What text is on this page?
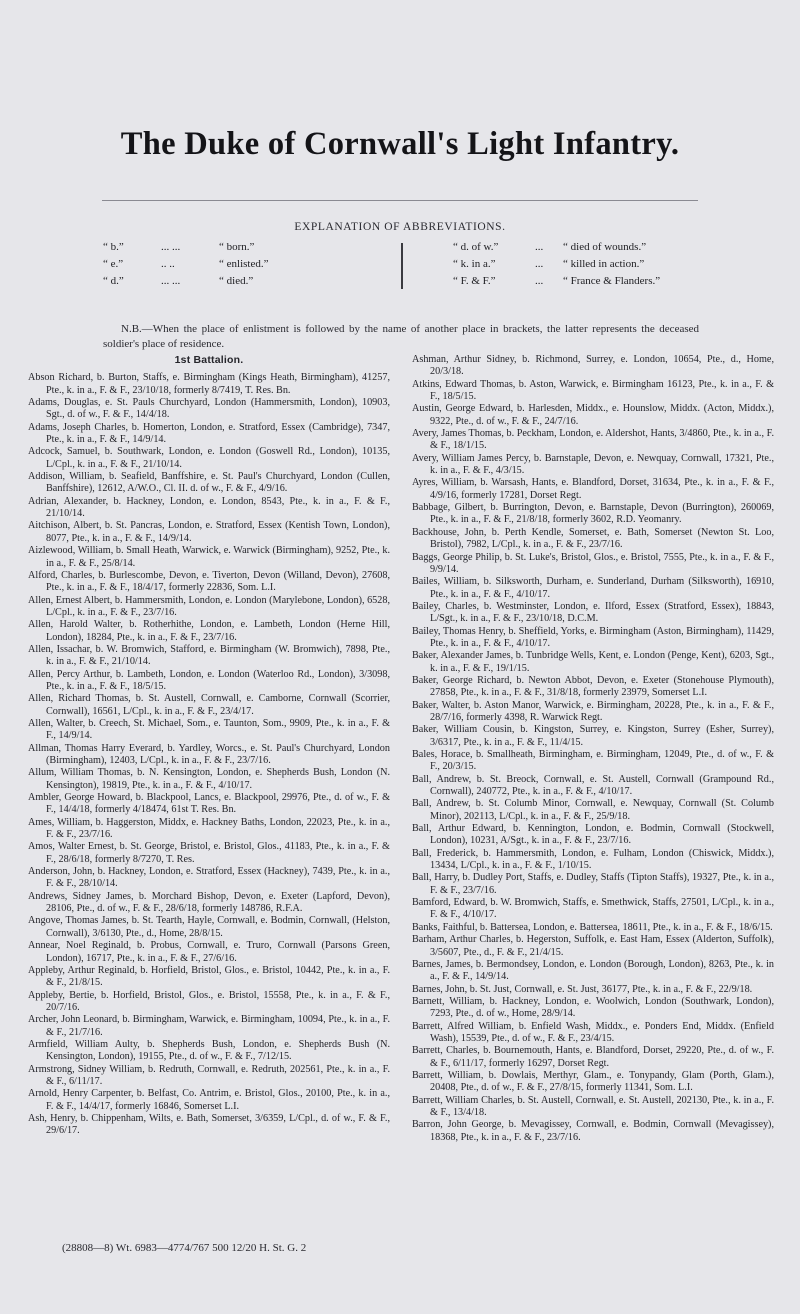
The Duke of Cornwall's Light Infantry.
EXPLANATION OF ABBREVIATIONS.
“ b.”	... ...	“ born.”
“ e.”	.. ..	“ enlisted.”
“ d.”	... ...	“ died.”
“ d. of w.”	... “ died of wounds.”
“ k. in a.”	... “ killed in action.”
“ F. & F.”	... “ France & Flanders.”
N.B.—When the place of enlistment is followed by the name of another place in brackets, the latter represents the deceased soldier's place of residence.
1st Battalion.
Abson Richard, b. Burton, Staffs, e. Birmingham (Kings Heath, Birmingham), 41257, Pte., k. in a., F. & F., 23/10/18, formerly 8/7419, T. Res. Bn.
Adams, Douglas, e. St. Pauls Churchyard, London (Hammersmith, London), 10903, Sgt., d. of w., F. & F., 14/4/18.
Adams, Joseph Charles, b. Homerton, London, e. Stratford, Essex (Cambridge), 7347, Pte., k. in a., F. & F., 14/9/14.
Adcock, Samuel, b. Southwark, London, e. London (Goswell Rd., London), 10135, L/Cpl., k. in a., F. & F., 21/10/14.
Addison, William, b. Seafield, Banffshire, e. St. Paul's Churchyard, London (Cullen, Banffshire), 12612, A/W.O., Cl. II. d. of w., F. & F., 4/9/16.
Adrian, Alexander, b. Hackney, London, e. London, 8543, Pte., k. in a., F. & F., 21/10/14.
Aitchison, Albert, b. St. Pancras, London, e. Stratford, Essex (Kentish Town, London), 8077, Pte., k. in a., F. & F., 14/9/14.
Aizlewood, William, b. Small Heath, Warwick, e. Warwick (Birmingham), 9252, Pte., k. in a., F. & F., 25/8/14.
Alford, Charles, b. Burlescombe, Devon, e. Tiverton, Devon (Willand, Devon), 27608, Pte., k. in a., F. & F., 18/4/17, formerly 22836, Som. L.I.
Allen, Ernest Albert, b. Hammersmith, London, e. London (Marylebone, London), 6528, L/Cpl., k. in a., F. & F., 23/7/16.
Allen, Harold Walter, b. Rotherhithe, London, e. Lambeth, London (Herne Hill, London), 18284, Pte., k. in a., F. & F., 23/7/16.
Allen, Issachar, b. W. Bromwich, Stafford, e. Birmingham (W. Bromwich), 7898, Pte., k. in a., F. & F., 21/10/14.
Allen, Percy Arthur, b. Lambeth, London, e. London (Waterloo Rd., London), 3/3098, Pte., k. in a., F. & F., 18/5/15.
Allen, Richard Thomas, b. St. Austell, Cornwall, e. Camborne, Cornwall (Scorrier, Cornwall), 16561, L/Cpl., k. in a., F. & F., 23/4/17.
Allen, Walter, b. Creech, St. Michael, Som., e. Taunton, Som., 9909, Pte., k. in a., F. & F., 14/9/14.
Allman, Thomas Harry Everard, b. Yardley, Worcs., e. St. Paul's Churchyard, London (Birmingham), 12403, L/Cpl., k. in a., F. & F., 23/7/16.
Allum, William Thomas, b. N. Kensington, London, e. Shepherds Bush, London (N. Kensington), 19819, Pte., k. in a., F. & F., 4/10/17.
Ambler, George Howard, b. Blackpool, Lancs, e. Blackpool, 29976, Pte., d. of w., F. & F., 14/4/18, formerly 4/18474, 61st T. Res. Bn.
Ames, William, b. Haggerston, Middx, e. Hackney Baths, London, 22023, Pte., k. in a., F. & F., 23/7/16.
Amos, Walter Ernest, b. St. George, Bristol, e. Bristol, Glos., 41183, Pte., k. in a., F. & F., 28/6/18, formerly 8/7270, T. Res.
Anderson, John, b. Hackney, London, e. Stratford, Essex (Hackney), 7439, Pte., k. in a., F. & F., 28/10/14.
Andrews, Sidney James, b. Morchard Bishop, Devon, e. Exeter (Lapford, Devon), 28106, Pte., d. of w., F. & F., 28/6/18, formerly 148786, R.F.A.
Angove, Thomas James, b. St. Tearth, Hayle, Cornwall, e. Bodmin, Cornwall, (Helston, Cornwall), 3/6130, Pte., d., Home, 28/8/15.
Annear, Noel Reginald, b. Probus, Cornwall, e. Truro, Cornwall (Parsons Green, London), 16717, Pte., k. in a., F. & F., 27/6/16.
Appleby, Arthur Reginald, b. Horfield, Bristol, Glos., e. Bristol, 10442, Pte., k. in a., F. & F., 21/8/15.
Appleby, Bertie, b. Horfield, Bristol, Glos., e. Bristol, 15558, Pte., k. in a., F. & F., 20/7/16.
Archer, John Leonard, b. Birmingham, Warwick, e. Birmingham, 10094, Pte., k. in a., F. & F., 21/7/16.
Armfield, William Aulty, b. Shepherds Bush, London, e. Shepherds Bush (N. Kensington, London), 19155, Pte., d. of w., F. & F., 7/12/15.
Armstrong, Sidney William, b. Redruth, Cornwall, e. Redruth, 202561, Pte., k. in a., F. & F., 6/11/17.
Arnold, Henry Carpenter, b. Belfast, Co. Antrim, e. Bristol, Glos., 20100, Pte., k. in a., F. & F., 14/4/17, formerly 16846, Somerset L.I.
Ash, Henry, b. Chippenham, Wilts, e. Bath, Somerset, 3/6359, L/Cpl., d. of w., F. & F., 29/6/17.
Ashman, Arthur Sidney, b. Richmond, Surrey, e. London, 10654, Pte., d., Home, 20/3/18.
Atkins, Edward Thomas, b. Aston, Warwick, e. Birmingham 16123, Pte., k. in a., F. & F., 18/5/15.
Austin, George Edward, b. Harlesden, Middx., e. Hounslow, Middx. (Acton, Middx.), 9322, Pte., d. of w., F. & F., 24/7/16.
Avery, James Thomas, b. Peckham, London, e. Aldershot, Hants, 3/4860, Pte., k. in a., F. & F., 18/1/15.
Avery, William James Percy, b. Barnstaple, Devon, e. Newquay, Cornwall, 17321, Pte., k. in a., F. & F., 4/3/15.
Ayres, William, b. Warsash, Hants, e. Blandford, Dorset, 31634, Pte., k. in a., F. & F., 4/9/16, formerly 17281, Dorset Regt.
Babbage, Gilbert, b. Burrington, Devon, e. Barnstaple, Devon (Burrington), 260069, Pte., k. in a., F. & F., 21/8/18, formerly 3602, R.D. Yeomanry.
Backhouse, John, b. Perth Kendle, Somerset, e. Bath, Somerset (Newton St. Loo, Bristol), 7982, L/Cpl., k. in a., F. & F., 23/7/16.
Baggs, George Philip, b. St. Luke's, Bristol, Glos., e. Bristol, 7555, Pte., k. in a., F. & F., 9/9/14.
Bailes, William, b. Silksworth, Durham, e. Sunderland, Durham (Silksworth), 16910, Pte., k. in a., F. & F., 4/10/17.
Bailey, Charles, b. Westminster, London, e. Ilford, Essex (Stratford, Essex), 18843, L/Sgt., k. in a., F. & F., 23/10/18, D.C.M.
Bailey, Thomas Henry, b. Sheffield, Yorks, e. Birmingham (Aston, Birmingham), 11429, Pte., k. in a., F. & F., 4/10/17.
Baker, Alexander James, b. Tunbridge Wells, Kent, e. London (Penge, Kent), 6203, Sgt., k. in a., F. & F., 19/1/15.
Baker, George Richard, b. Newton Abbot, Devon, e. Exeter (Stonehouse Plymouth), 27858, Pte., k. in a., F. & F., 31/8/18, formerly 23979, Somerset L.I.
Baker, Walter, b. Aston Manor, Warwick, e. Birmingham, 20228, Pte., k. in a., F. & F., 28/7/16, formerly 4398, R. Warwick Regt.
Baker, William Cousin, b. Kingston, Surrey, e. Kingston, Surrey (Esher, Surrey), 3/6317, Pte., k. in a., F. & F., 11/4/15.
Bales, Horace, b. Smallheath, Birmingham, e. Birmingham, 12049, Pte., d. of w., F. & F., 20/3/15.
Ball, Andrew, b. St. Breock, Cornwall, e. St. Austell, Cornwall (Grampound Rd., Cornwall), 240772, Pte., k. in a., F. & F., 4/10/17.
Ball, Andrew, b. St. Columb Minor, Cornwall, e. Newquay, Cornwall (St. Columb Minor), 202113, L/Cpl., k. in a., F. & F., 25/9/18.
Ball, Arthur Edward, b. Kennington, London, e. Bodmin, Cornwall (Stockwell, London), 10231, A/Sgt., k. in a., F. & F., 23/7/16.
Ball, Frederick, b. Hammersmith, London, e. Fulham, London (Chiswick, Middx.), 13434, L/Cpl., k. in a., F. & F., 1/10/15.
Ball, Harry, b. Dudley Port, Staffs, e. Dudley, Staffs (Tipton Staffs), 19327, Pte., k. in a., F. & F., 23/7/16.
Bamford, Edward, b. W. Bromwich, Staffs, e. Smethwick, Staffs, 27501, L/Cpl., k. in a., F. & F., 4/10/17.
Banks, Faithful, b. Battersea, London, e. Battersea, 18611, Pte., k. in a., F. & F., 18/6/15.
Barham, Arthur Charles, b. Hegerston, Suffolk, e. East Ham, Essex (Alderton, Suffolk), 3/5607, Pte., d., F. & F., 21/4/15.
Barnes, James, b. Bermondsey, London, e. London (Borough, London), 8263, Pte., k. in a., F. & F., 14/9/14.
Barnes, John, b. St. Just, Cornwall, e. St. Just, 36177, Pte., k. in a., F. & F., 22/9/18.
Barnett, William, b. Hackney, London, e. Woolwich, London (Southwark, London), 7293, Pte., d. of w., Home, 28/9/14.
Barrett, Alfred William, b. Enfield Wash, Middx., e. Ponders End, Middx. (Enfield Wash), 15539, Pte., d. of w., F. & F., 23/4/15.
Barrett, Charles, b. Bournemouth, Hants, e. Blandford, Dorset, 29220, Pte., d. of w., F. & F., 6/11/17, formerly 16297, Dorset Regt.
Barrett, William, b. Dowlais, Merthyr, Glam., e. Tonypandy, Glam (Porth, Glam.), 20408, Pte., d. of w., F. & F., 27/8/15, formerly 11341, Som. L.I.
Barrett, William Charles, b. St. Austell, Cornwall, e. St. Austell, 202130, Pte., k. in a., F. & F., 13/4/18.
Barron, John George, b. Mevagissey, Cornwall, e. Bodmin, Cornwall (Mevagissey), 18368, Pte., k. in a., F. & F., 23/7/16.
(28808—8) Wt. 6983—4774/767 500 12/20 H. St. G. 2
